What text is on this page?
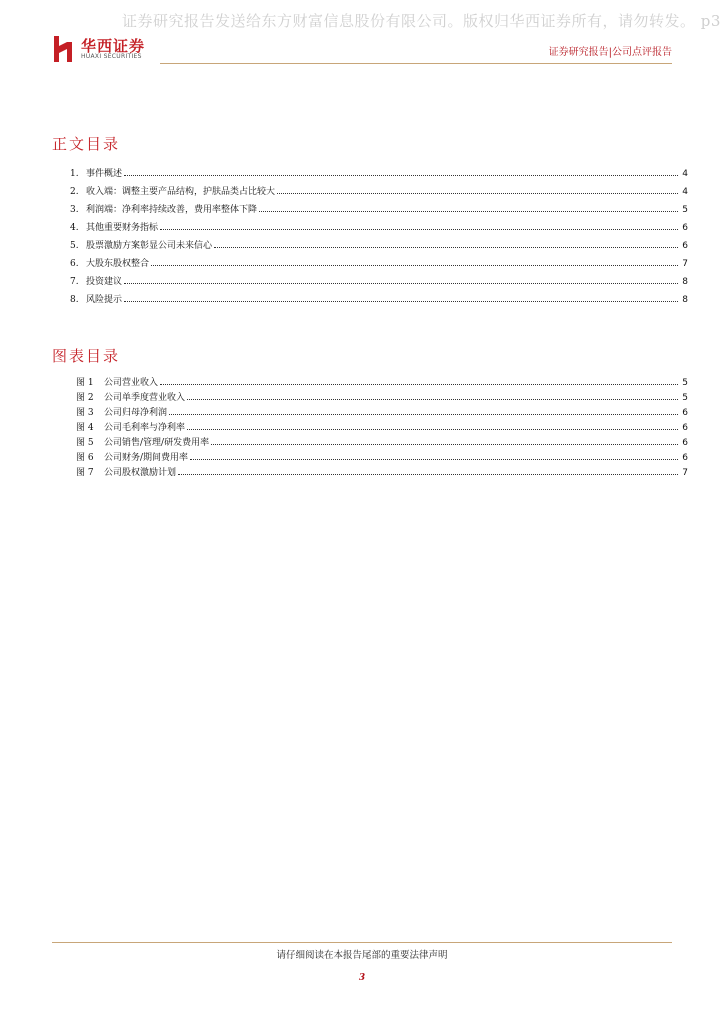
证券研究报告发送给东方财富信息股份有限公司。版权归华西证券所有，请勿转发。 p3
华西证券
HUAXI SECURITIES	证券研究报告|公司点评报告
正文目录
1. 事件概述	4
2. 收入端：调整主要产品结构，护肤品类占比较大	4
3. 利润端：净利率持续改善，费用率整体下降	5
4. 其他重要财务指标	6
5. 股票激励方案彰显公司未来信心	6
6. 大股东股权整合	7
7. 投资建议	8
8. 风险提示	8
图表目录
图 1	公司营业收入	5
图 2	公司单季度营业收入	5
图 3	公司归母净利润	6
图 4	公司毛利率与净利率	6
图 5	公司销售/管理/研发费用率	6
图 6	公司财务/期间费用率	6
图 7	公司股权激励计划	7
请仔细阅读在本报告尾部的重要法律声明
3
